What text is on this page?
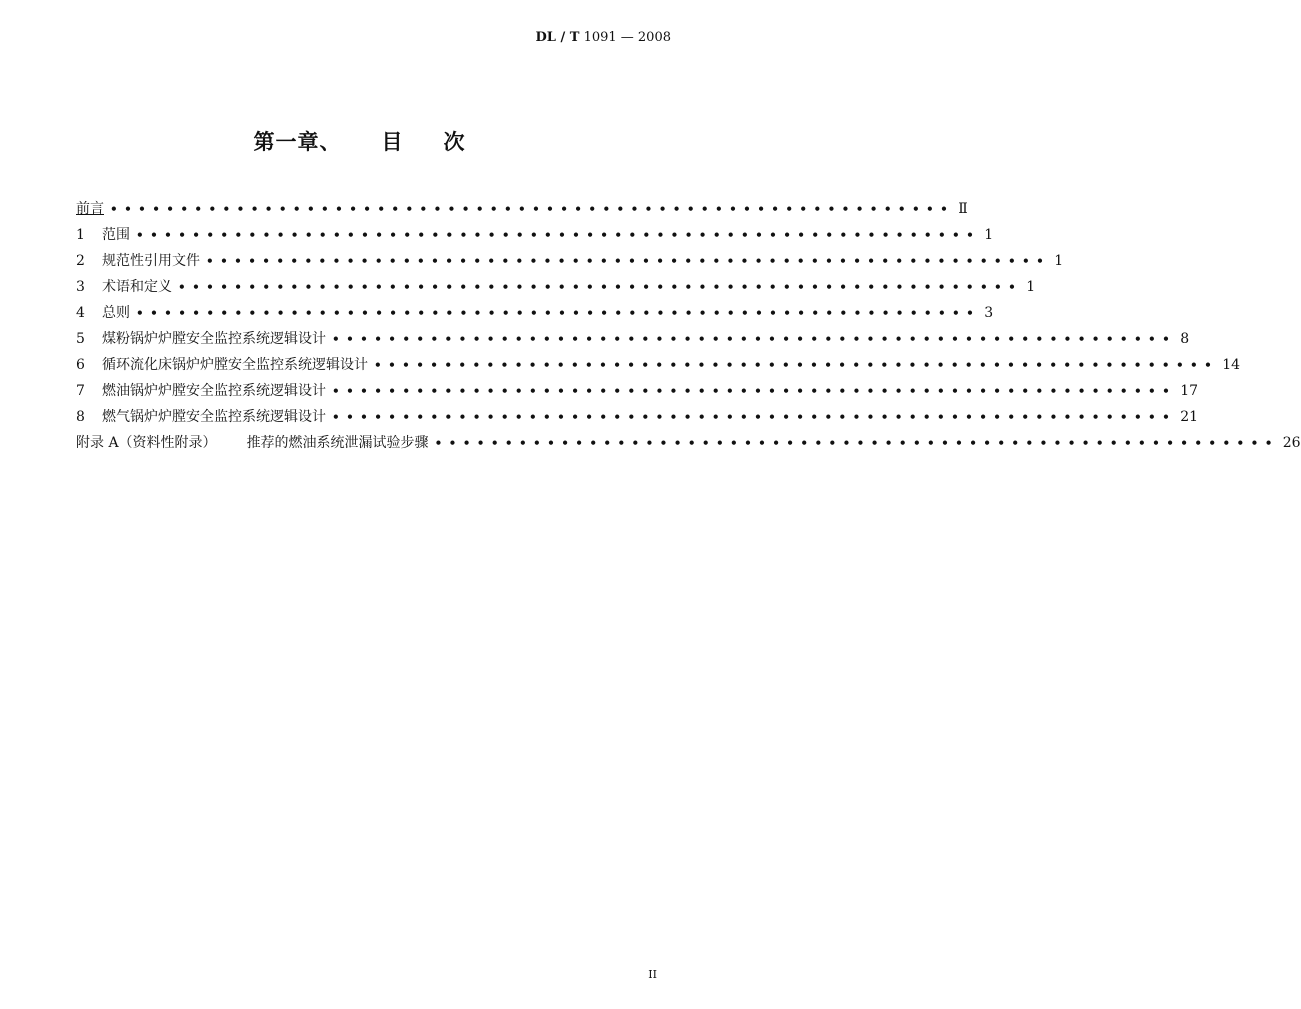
DL / T 1091 — 2008
第一章、 目 次
前言 •••••••••••••••••••••••••••••••••••••••••••••••••••••••••••• Ⅱ
1	范围 •••••••••••••••••••••••••••••••••••••••••••••••••••••••••••• 1
2	规范性引用文件 •••••••••••••••••••••••••••••••••••••••••••••••••••••••••••• 1
3	术语和定义 •••••••••••••••••••••••••••••••••••••••••••••••••••••••••••• 1
4	总则 •••••••••••••••••••••••••••••••••••••••••••••••••••••••••••• 3
5	煤粉锅炉炉膛安全监控系统逻辑设计 •••••••••••••••••••••••••••••••••••••••••••••••••••••••••••• 8
6	循环流化床锅炉炉膛安全监控系统逻辑设计 •••••••••••••••••••••••••••••••••••••••••••••••••••••••••••• 14
7	燃油锅炉炉膛安全监控系统逻辑设计 •••••••••••••••••••••••••••••••••••••••••••••••••••••••••••• 17
8	燃气锅炉炉膛安全监控系统逻辑设计 •••••••••••••••••••••••••••••••••••••••••••••••••••••••••••• 21
附录 A（资料性附录） 推荐的燃油系统泄漏试验步骤 •••••••••••••••••••••••••••••••••••••••••••••••••••••••••••• 26
II
